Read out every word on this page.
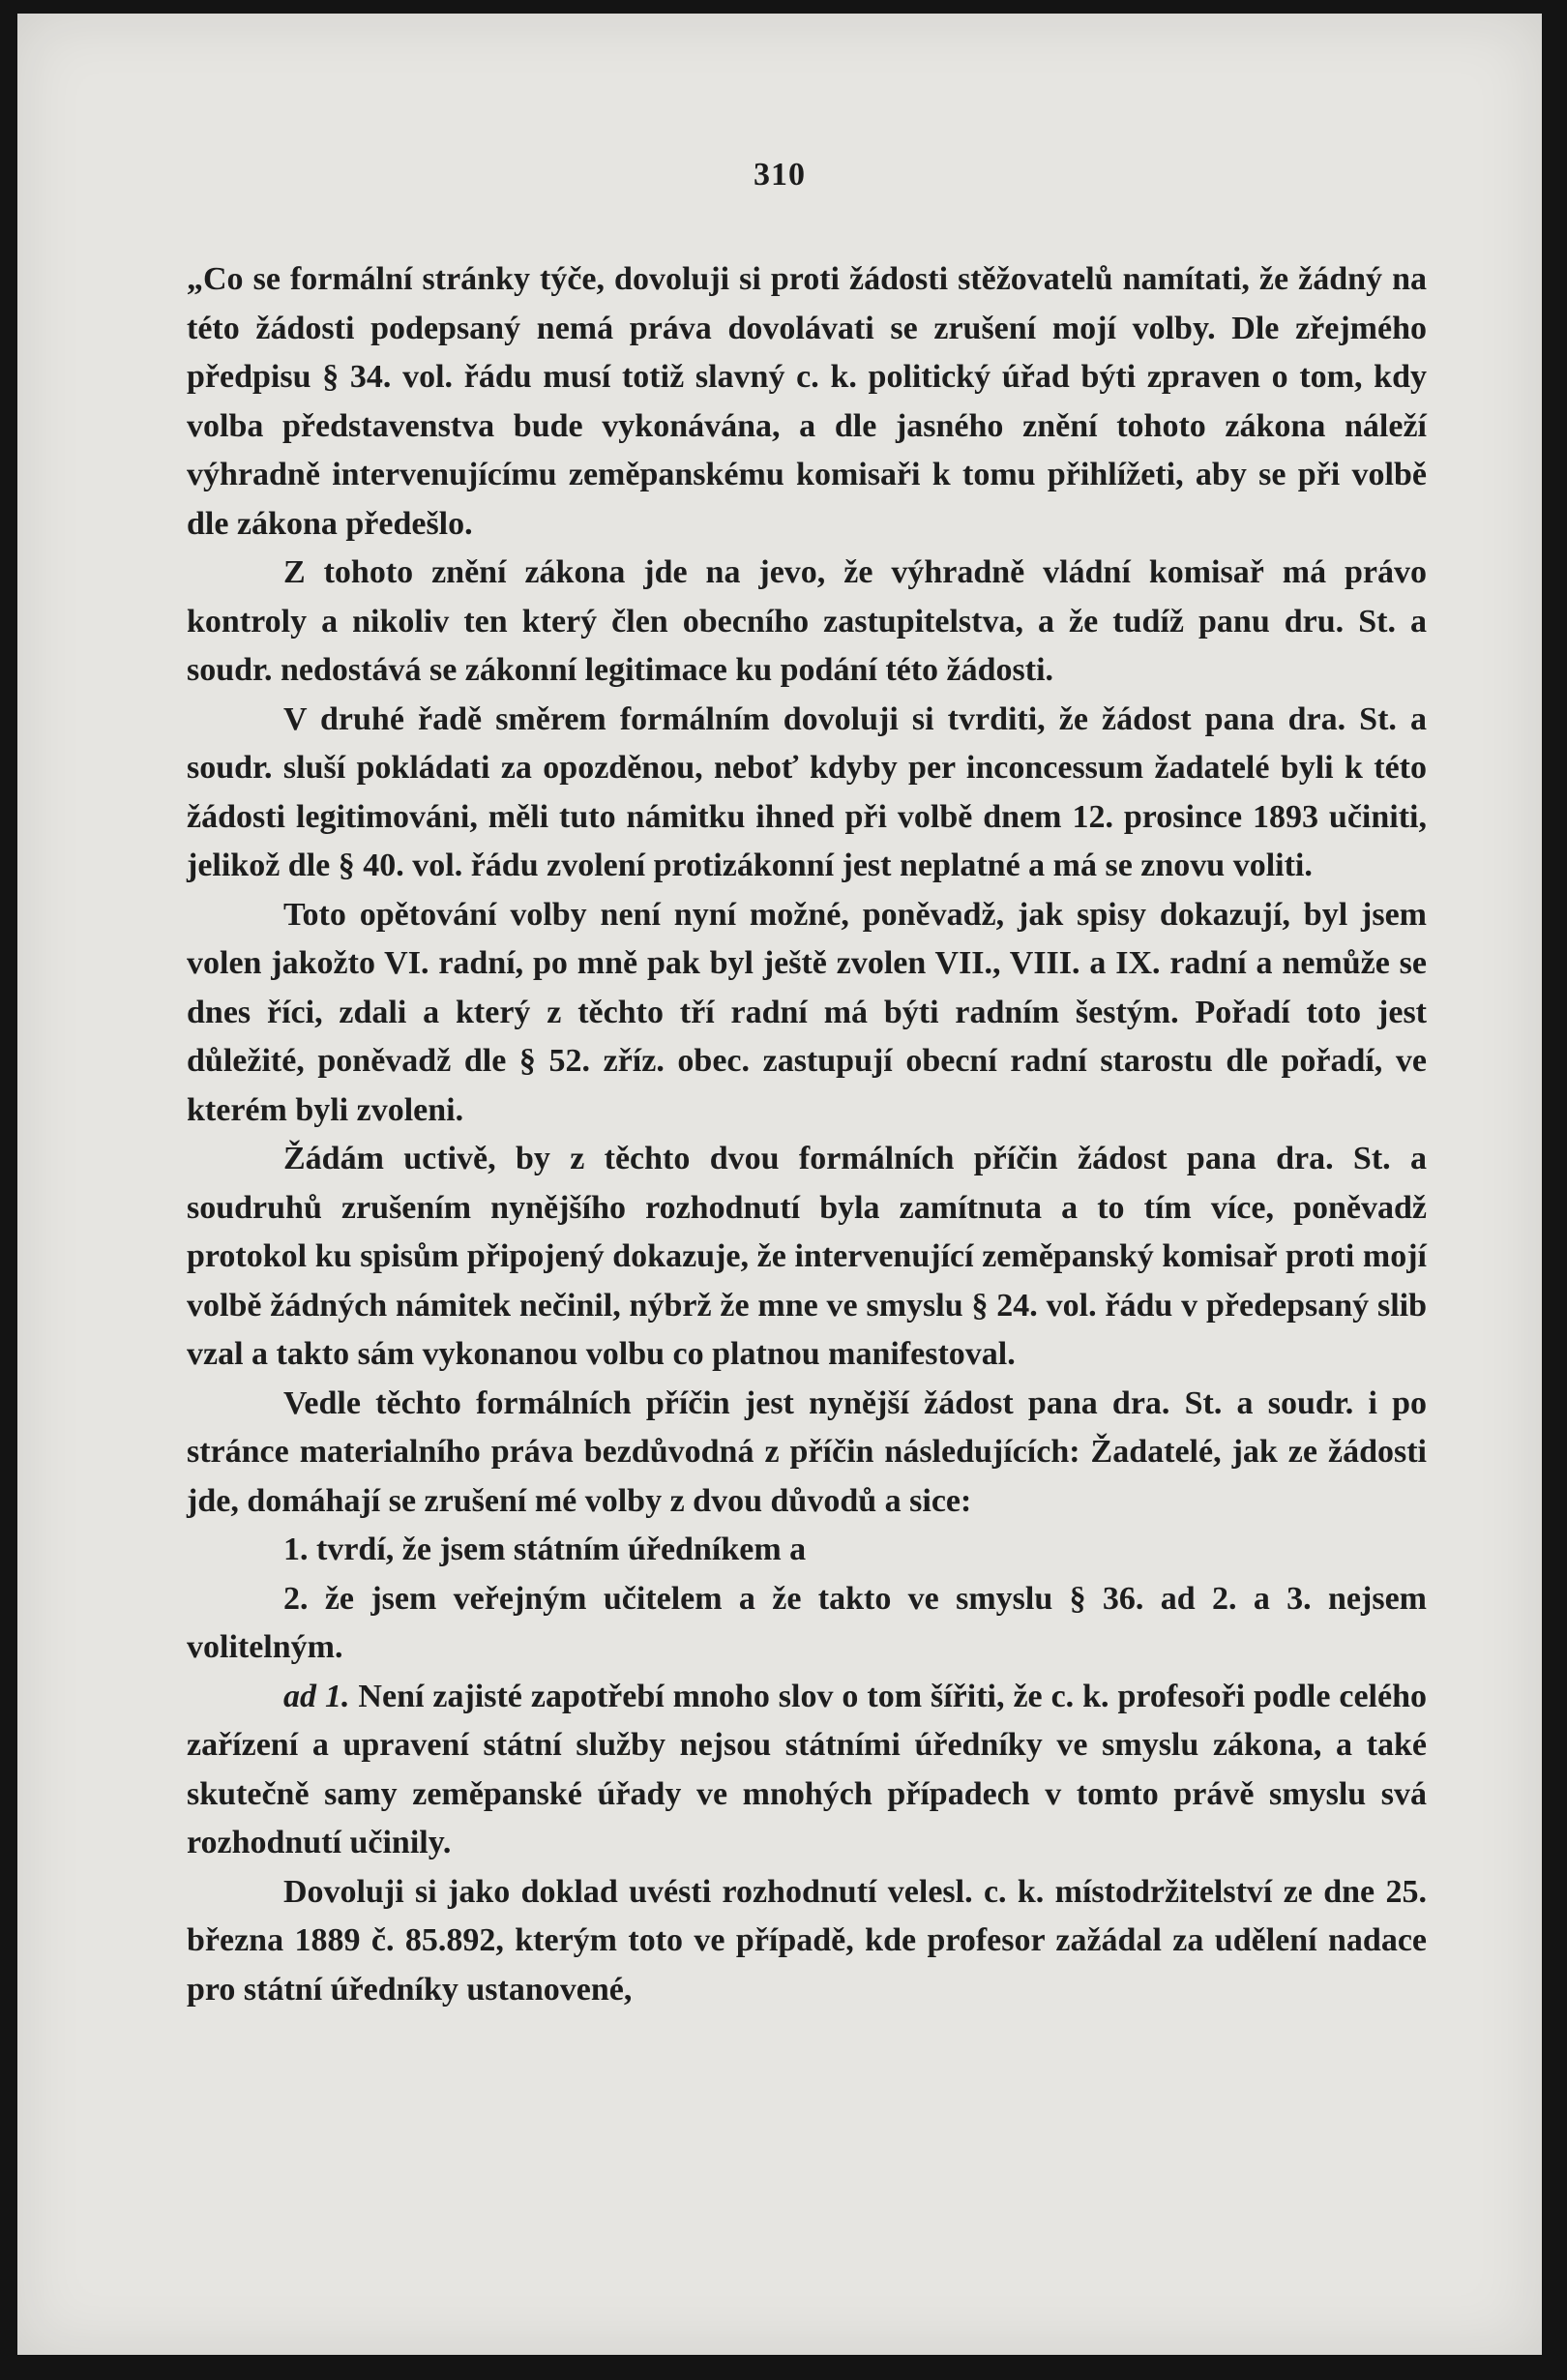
310

„Co se formální stránky týče, dovoluji si proti žádosti stěžovatelů namítati, že žádný na této žádosti podepsaný nemá práva dovolávati se zrušení mojí volby. Dle zřejmého předpisu § 34. vol. řádu musí totiž slavný c. k. politický úřad býti zpraven o tom, kdy volba představenstva bude vykonávána, a dle jasného znění tohoto zákona náleží výhradně intervenujícímu zeměpanskému komisaři k tomu přihlížeti, aby se při volbě dle zákona předešlo.

Z tohoto znění zákona jde na jevo, že výhradně vládní komisař má právo kontroly a nikoliv ten který člen obecního zastupitelstva, a že tudíž panu dru. St. a soudr. nedostává se zákonní legitimace ku podání této žádosti.

V druhé řadě směrem formálním dovoluji si tvrditi, že žádost pana dra. St. a soudr. sluší pokládati za opozděnou, neboť kdyby per inconcessum žadatelé byli k této žádosti legitimováni, měli tuto námitku ihned při volbě dnem 12. prosince 1893 učiniti, jelikož dle § 40. vol. řádu zvolení protizákonní jest neplatné a má se znovu voliti.

Toto opětování volby není nyní možné, poněvadž, jak spisy dokazují, byl jsem volen jakožto VI. radní, po mně pak byl ještě zvolen VII., VIII. a IX. radní a nemůže se dnes říci, zdali a který z těchto tří radní má býti radním šestým. Pořadí toto jest důležité, poněvadž dle § 52. zříz. obec. zastupují obecní radní starostu dle pořadí, ve kterém byli zvoleni.

Žádám uctivě, by z těchto dvou formálních příčin žádost pana dra. St. a soudruhů zrušením nynějšího rozhodnutí byla zamítnuta a to tím více, poněvadž protokol ku spisům připojený dokazuje, že intervenující zeměpanský komisař proti mojí volbě žádných námitek nečinil, nýbrž že mne ve smyslu § 24. vol. řádu v předepsaný slib vzal a takto sám vykonanou volbu co platnou manifestoval.

Vedle těchto formálních příčin jest nynější žádost pana dra. St. a soudr. i po stránce materialního práva bezdůvodná z příčin následujících: Žadatelé, jak ze žádosti jde, domáhají se zrušení mé volby z dvou důvodů a sice:

1. tvrdí, že jsem státním úředníkem a

2. že jsem veřejným učitelem a že takto ve smyslu § 36. ad 2. a 3. nejsem volitelným.

ad 1. Není zajisté zapotřebí mnoho slov o tom šířiti, že c. k. profesoři podle celého zařízení a upravení státní služby nejsou státními úředníky ve smyslu zákona, a také skutečně samy zeměpanské úřady ve mnohých případech v tomto právě smyslu svá rozhodnutí učinily.

Dovoluji si jako doklad uvésti rozhodnutí velesl. c. k. místodržitelství ze dne 25. března 1889 č. 85.892, kterým toto ve případě, kde profesor zažádal za udělení nadace pro státní úředníky ustanovené,
